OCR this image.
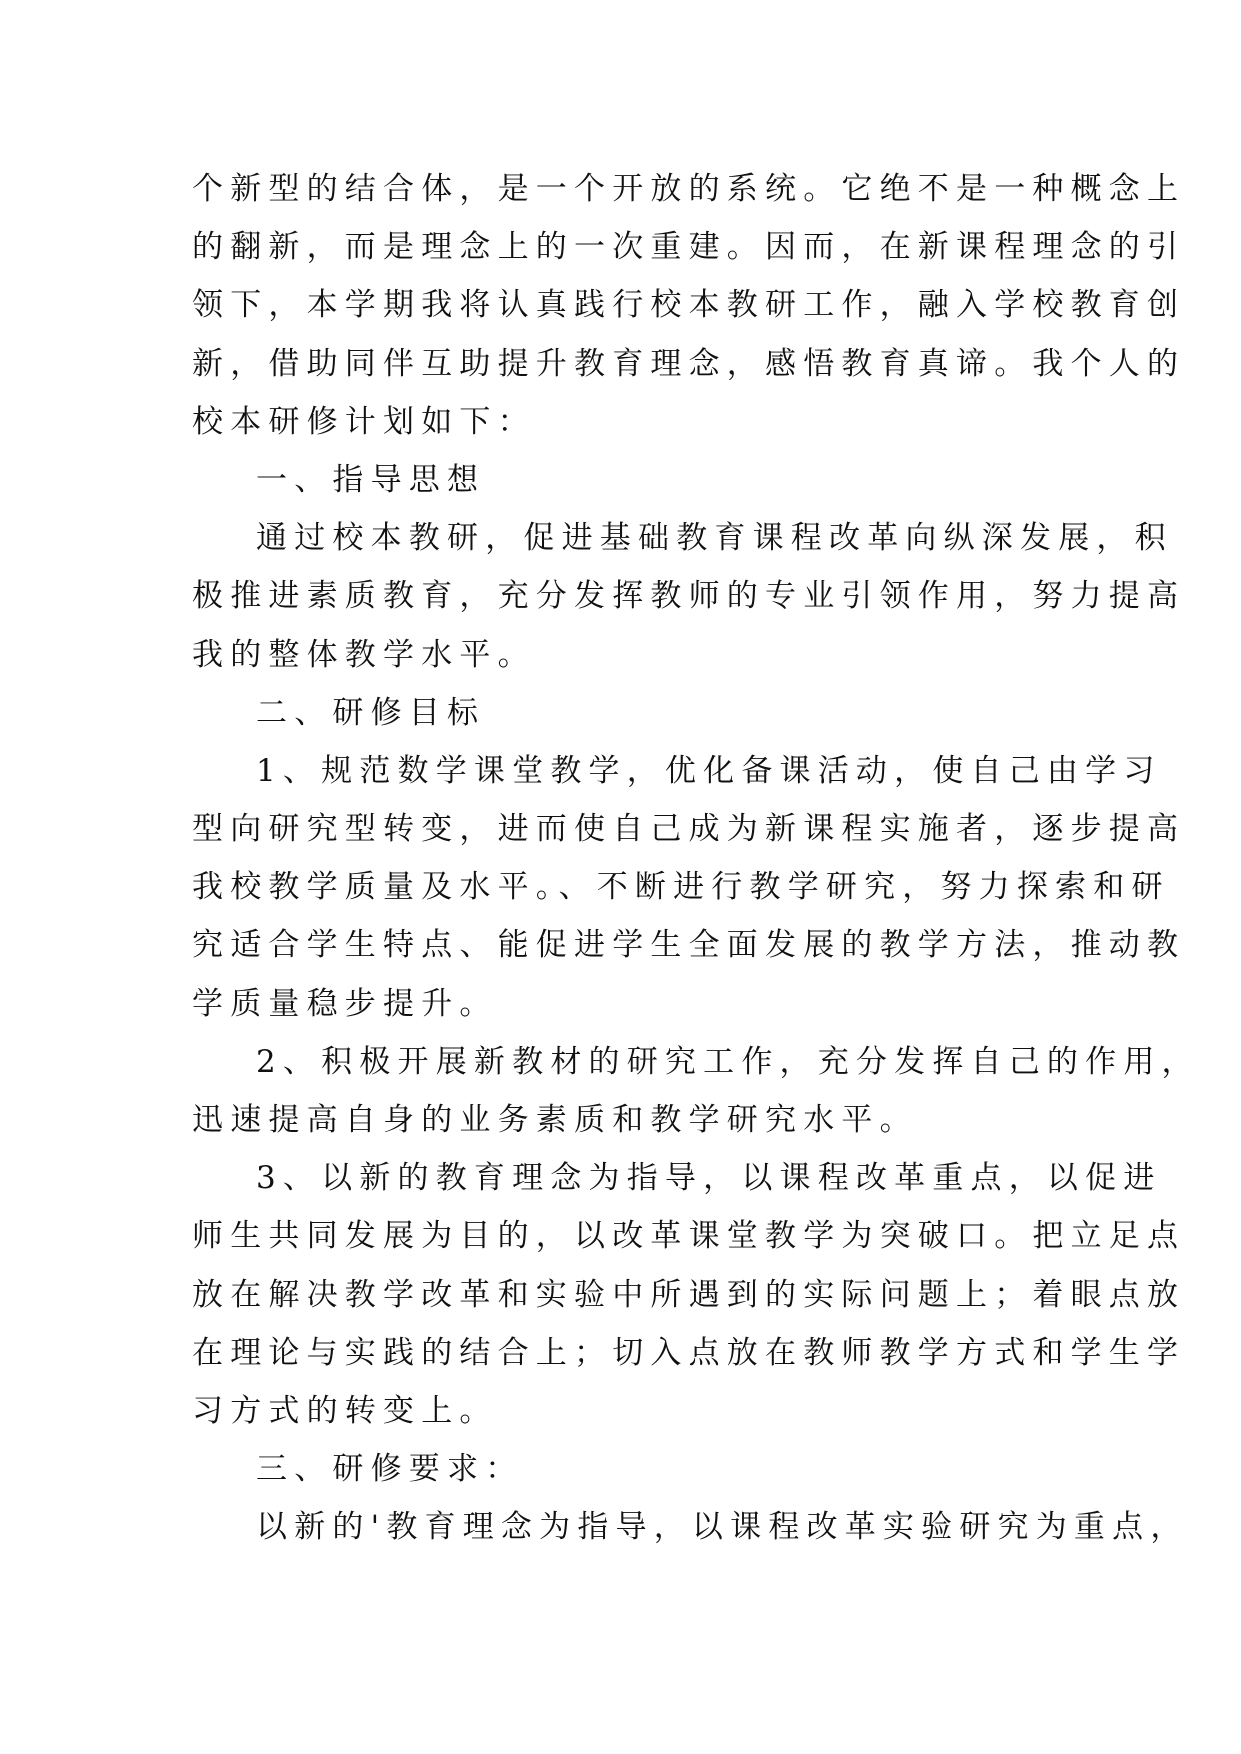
个新型的结合体，是一个开放的系统。它绝不是一种概念上
的翻新，而是理念上的一次重建。因而，在新课程理念的引
领下，本学期我将认真践行校本教研工作，融入学校教育创
新，借助同伴互助提升教育理念，感悟教育真谛。我个人的
校本研修计划如下：
一、指导思想
通过校本教研，促进基础教育课程改革向纵深发展，积
极推进素质教育，充分发挥教师的专业引领作用，努力提高
我的整体教学水平。
二、研修目标
1、规范数学课堂教学，优化备课活动，使自己由学习
型向研究型转变，进而使自己成为新课程实施者，逐步提高
我校教学质量及水平。、不断进行教学研究，努力探索和研
究适合学生特点、能促进学生全面发展的教学方法，推动教
学质量稳步提升。
2、积极开展新教材的研究工作，充分发挥自己的作用，
迅速提高自身的业务素质和教学研究水平。
3、以新的教育理念为指导，以课程改革重点，以促进
师生共同发展为目的，以改革课堂教学为突破口。把立足点
放在解决教学改革和实验中所遇到的实际问题上；着眼点放
在理论与实践的结合上；切入点放在教师教学方式和学生学
习方式的转变上。
三、研修要求：
以新的'教育理念为指导，以课程改革实验研究为重点，
